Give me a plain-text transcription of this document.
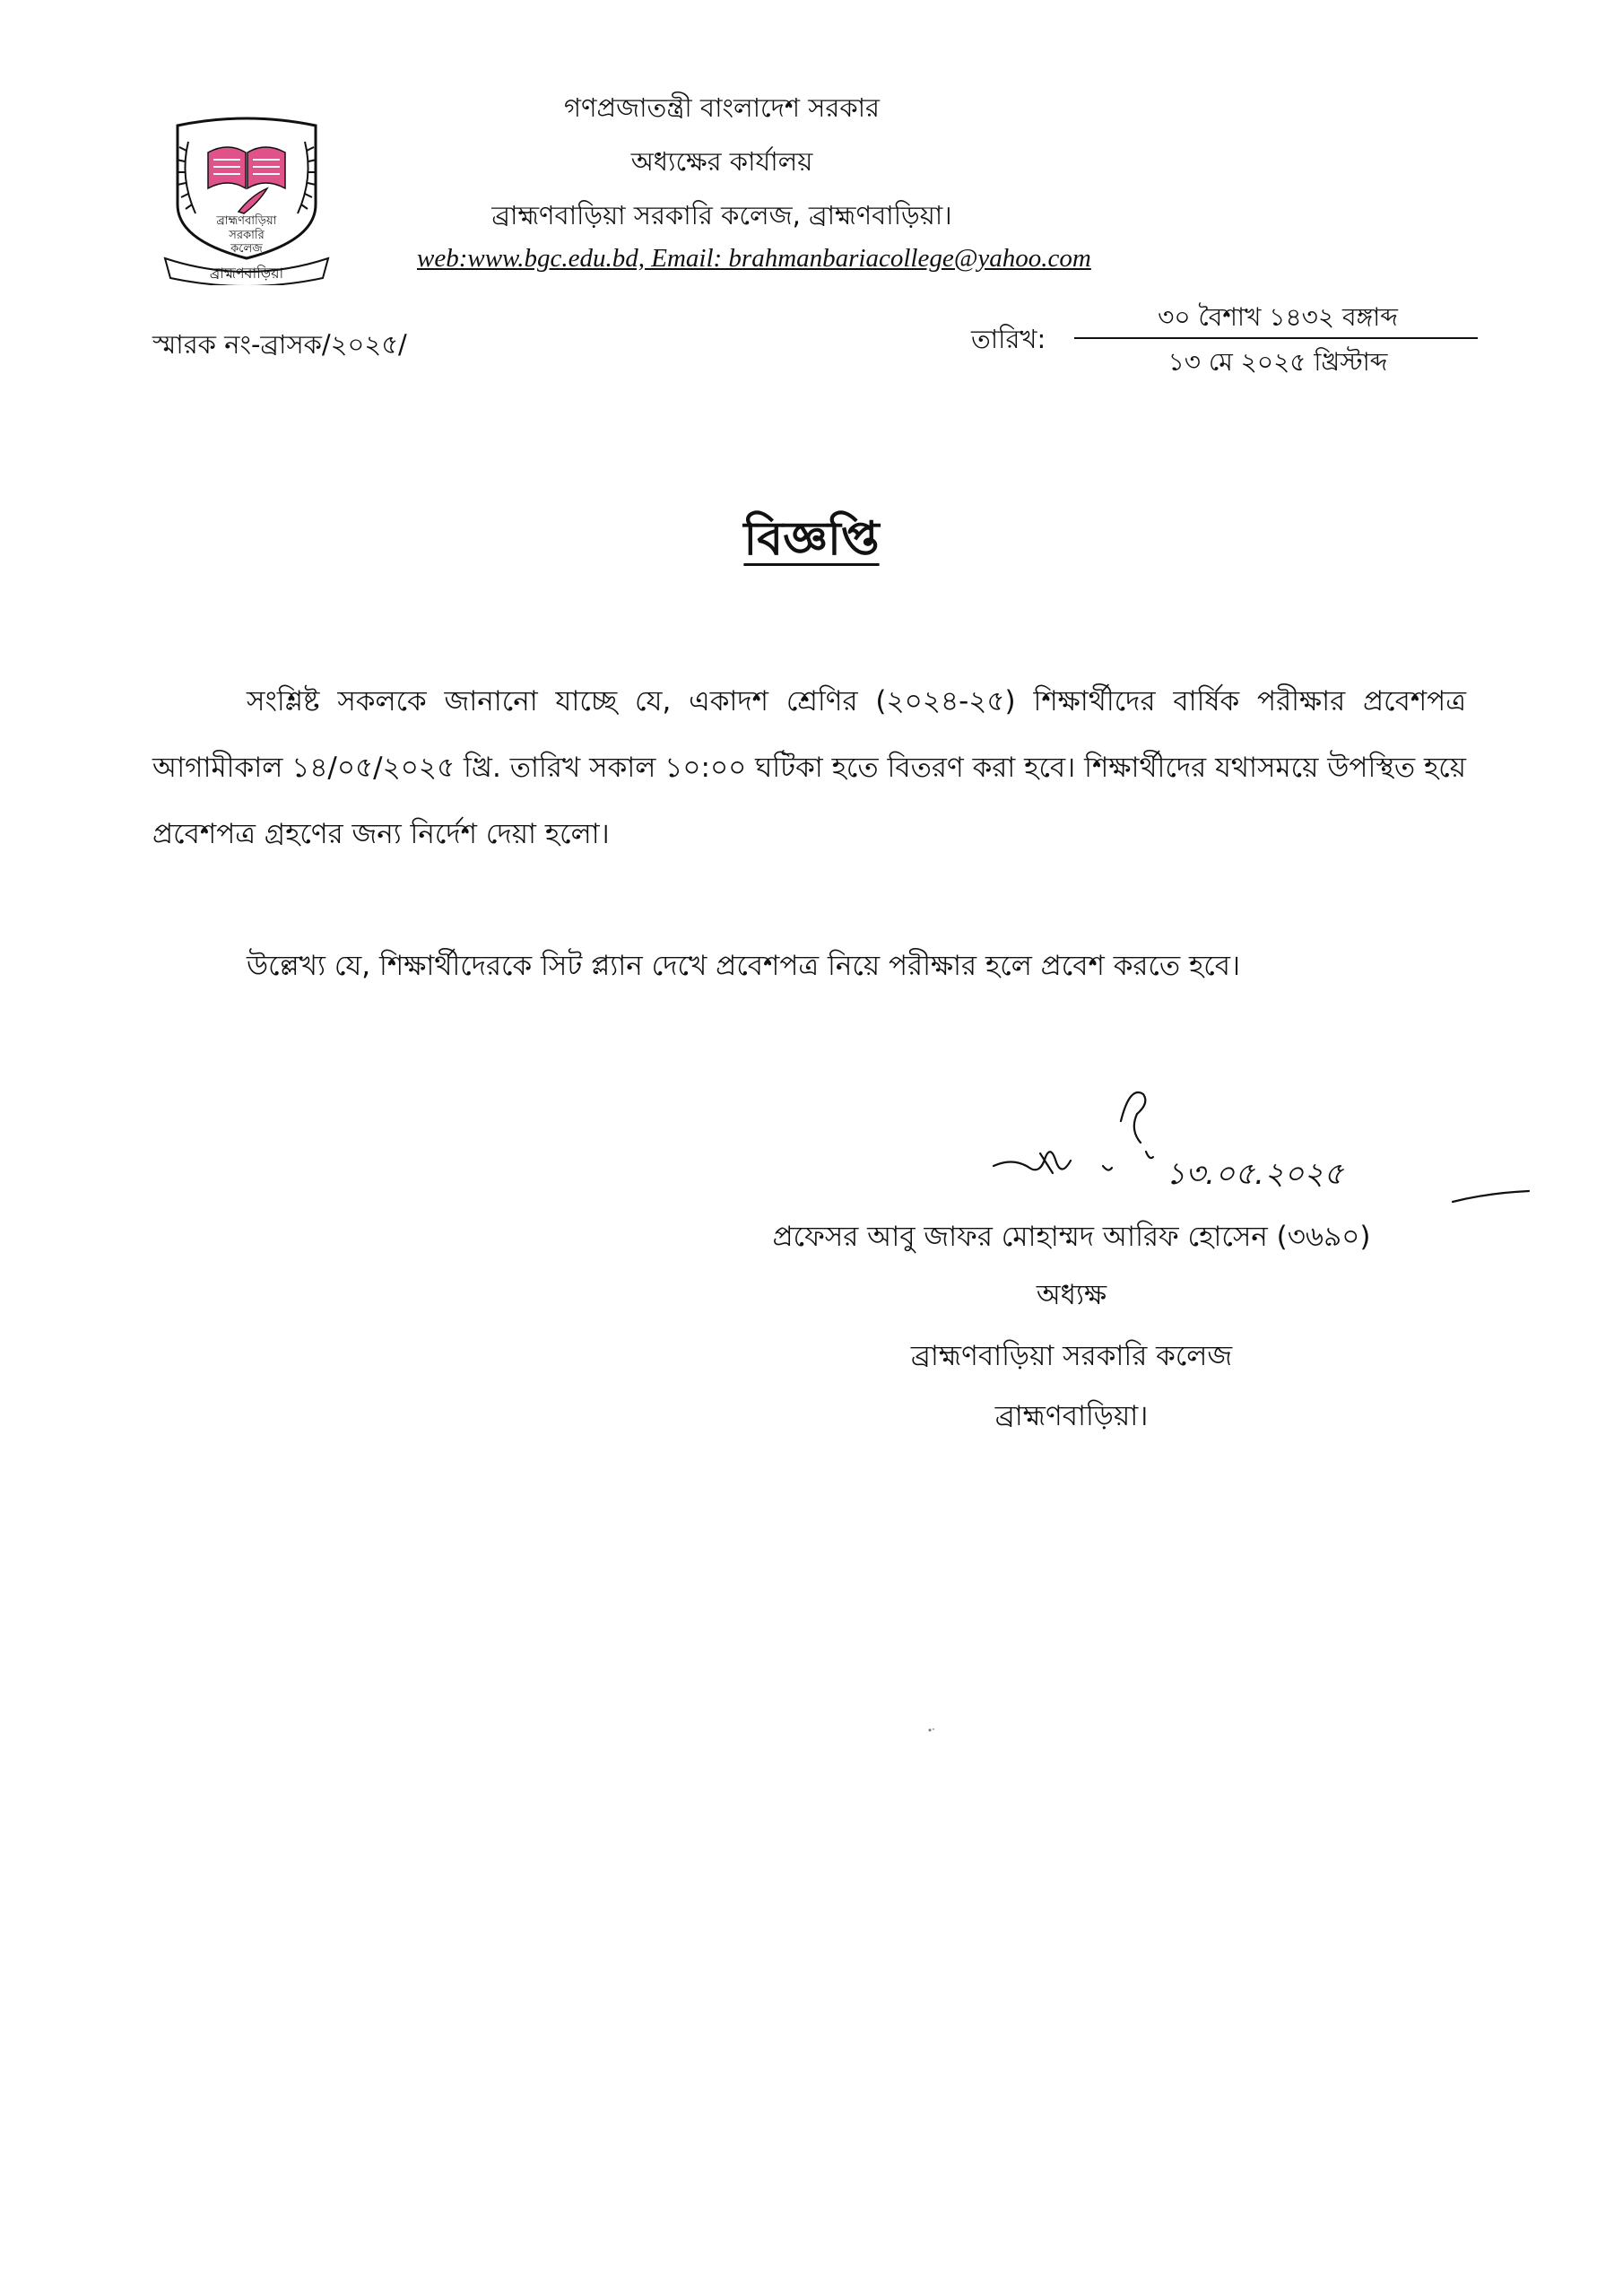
ব্রাহ্মণবাড়িয়া
সরকারি
কলেজ
ব্রাহ্মণবাড়িয়া
গণপ্রজাতন্ত্রী বাংলাদেশ সরকার
অধ্যক্ষের কার্যালয়
ব্রাহ্মণবাড়িয়া সরকারি কলেজ, ব্রাহ্মণবাড়িয়া।
web:www.bgc.edu.bd, Email: brahmanbariacollege@yahoo.com
স্মারক নং-ব্রাসক/২০২৫/	তারিখ:
৩০ বৈশাখ ১৪৩২ বঙ্গাব্দ
১৩ মে ২০২৫ খ্রিস্টাব্দ
বিজ্ঞপ্তি
সংশ্লিষ্ট সকলকে জানানো যাচ্ছে যে, একাদশ শ্রেণির (২০২৪-২৫) শিক্ষার্থীদের বার্ষিক পরীক্ষার প্রবেশপত্র আগামীকাল ১৪/০৫/২০২৫ খ্রি. তারিখ সকাল ১০:০০ ঘটিকা হতে বিতরণ করা হবে। শিক্ষার্থীদের যথাসময়ে উপস্থিত হয়ে প্রবেশপত্র গ্রহণের জন্য নির্দেশ দেয়া হলো।
উল্লেখ্য যে, শিক্ষার্থীদেরকে সিট প্ল্যান দেখে প্রবেশপত্র নিয়ে পরীক্ষার হলে প্রবেশ করতে হবে।
১৩.০৫.২০২৫
প্রফেসর আবু জাফর মোহাম্মদ আরিফ হোসেন (৩৬৯০)
অধ্যক্ষ
ব্রাহ্মণবাড়িয়া সরকারি কলেজ
ব্রাহ্মণবাড়িয়া।
